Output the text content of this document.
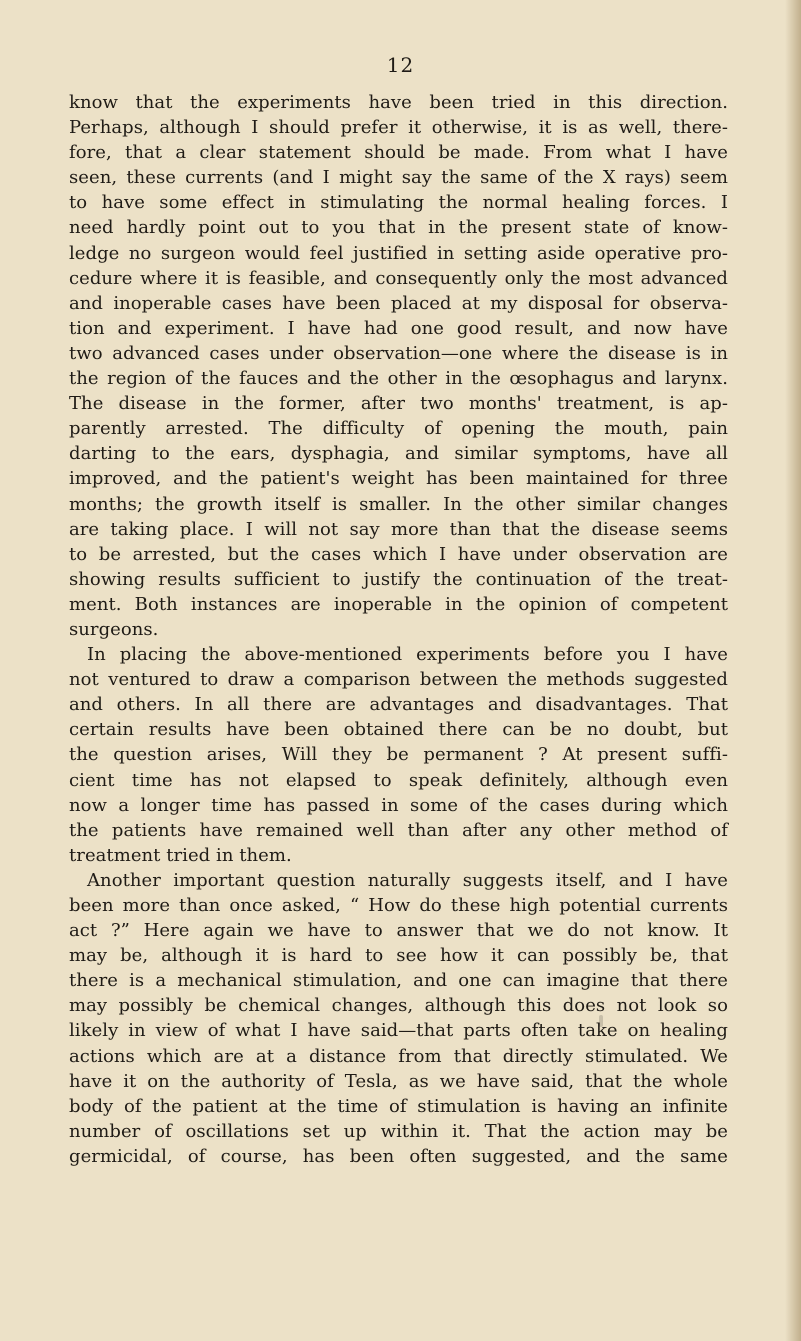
12
know that the experiments have been tried in this direction.
Perhaps, although I should prefer it otherwise, it is as well, there-
fore, that a clear statement should be made. From what I have
seen, these currents (and I might say the same of the X rays) seem
to have some effect in stimulating the normal healing forces. I
need hardly point out to you that in the present state of know-
ledge no surgeon would feel justified in setting aside operative pro-
cedure where it is feasible, and consequently only the most advanced
and inoperable cases have been placed at my disposal for observa-
tion and experiment. I have had one good result, and now have
two advanced cases under observation—one where the disease is in
the region of the fauces and the other in the œsophagus and larynx.
The disease in the former, after two months' treatment, is ap-
parently arrested. The difficulty of opening the mouth, pain
darting to the ears, dysphagia, and similar symptoms, have all
improved, and the patient's weight has been maintained for three
months; the growth itself is smaller. In the other similar changes
are taking place. I will not say more than that the disease seems
to be arrested, but the cases which I have under observation are
showing results sufficient to justify the continuation of the treat-
ment. Both instances are inoperable in the opinion of competent
surgeons.
In placing the above-mentioned experiments before you I have
not ventured to draw a comparison between the methods suggested
and others. In all there are advantages and disadvantages. That
certain results have been obtained there can be no doubt, but
the question arises, Will they be permanent ? At present suffi-
cient time has not elapsed to speak definitely, although even
now a longer time has passed in some of the cases during which
the patients have remained well than after any other method of
treatment tried in them.
Another important question naturally suggests itself, and I have
been more than once asked, “ How do these high potential currents
act ?” Here again we have to answer that we do not know. It
may be, although it is hard to see how it can possibly be, that
there is a mechanical stimulation, and one can imagine that there
may possibly be chemical changes, although this does not look so
likely in view of what I have said—that parts often take on healing
actions which are at a distance from that directly stimulated. We
have it on the authority of Tesla, as we have said, that the whole
body of the patient at the time of stimulation is having an infinite
number of oscillations set up within it. That the action may be
germicidal, of course, has been often suggested, and the same
